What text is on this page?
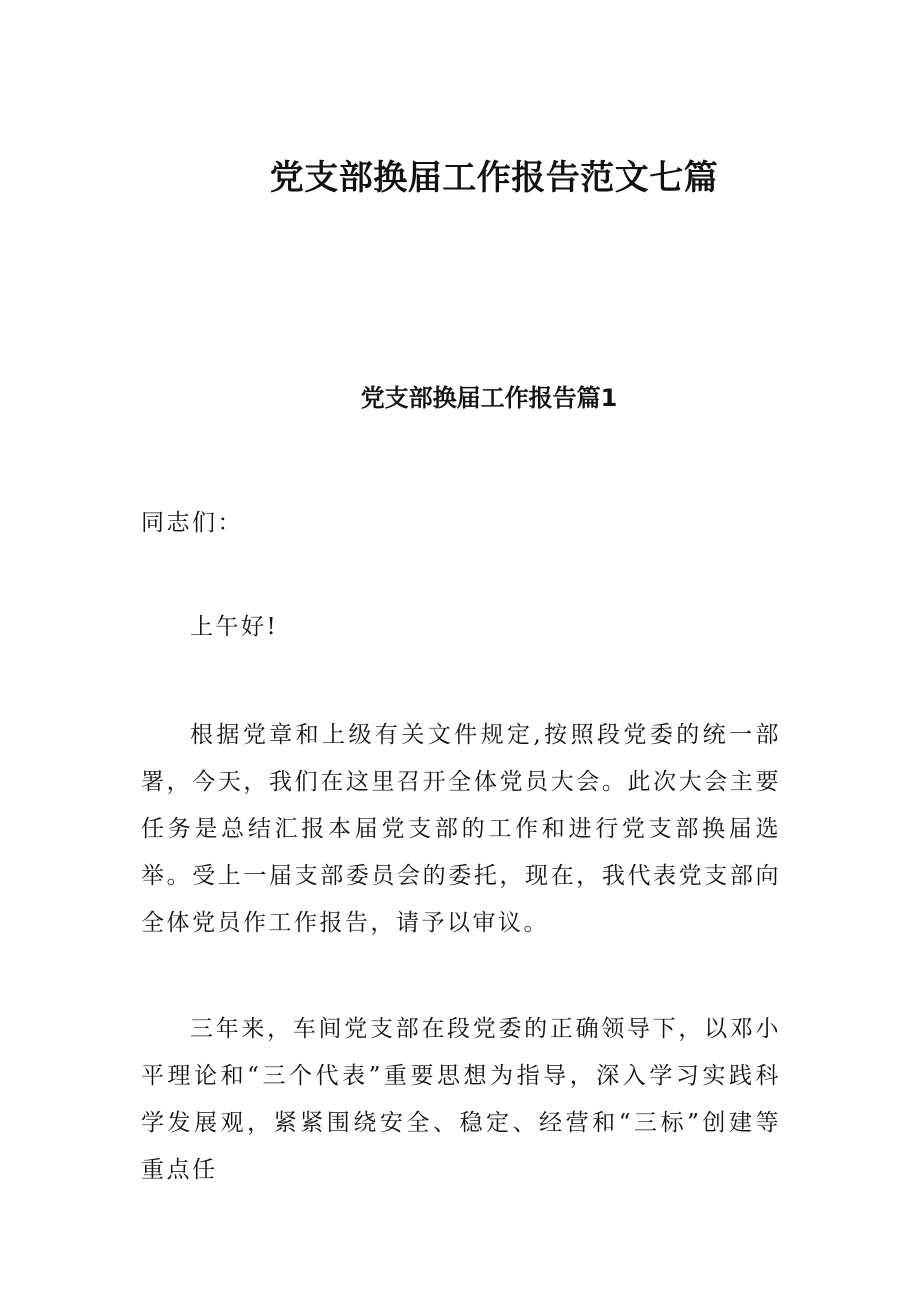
党支部换届工作报告范文七篇
党支部换届工作报告篇1

同志们：

上午好!

根据党章和上级有关文件规定,按照段党委的统一部署，今天，我们在这里召开全体党员大会。此次大会主要任务是总结汇报本届党支部的工作和进行党支部换届选举。受上一届支部委员会的委托，现在，我代表党支部向全体党员作工作报告，请予以审议。

三年来，车间党支部在段党委的正确领导下，以邓小平理论和“三个代表”重要思想为指导，深入学习实践科学发展观，紧紧围绕安全、稳定、经营和“三标”创建等重点任
